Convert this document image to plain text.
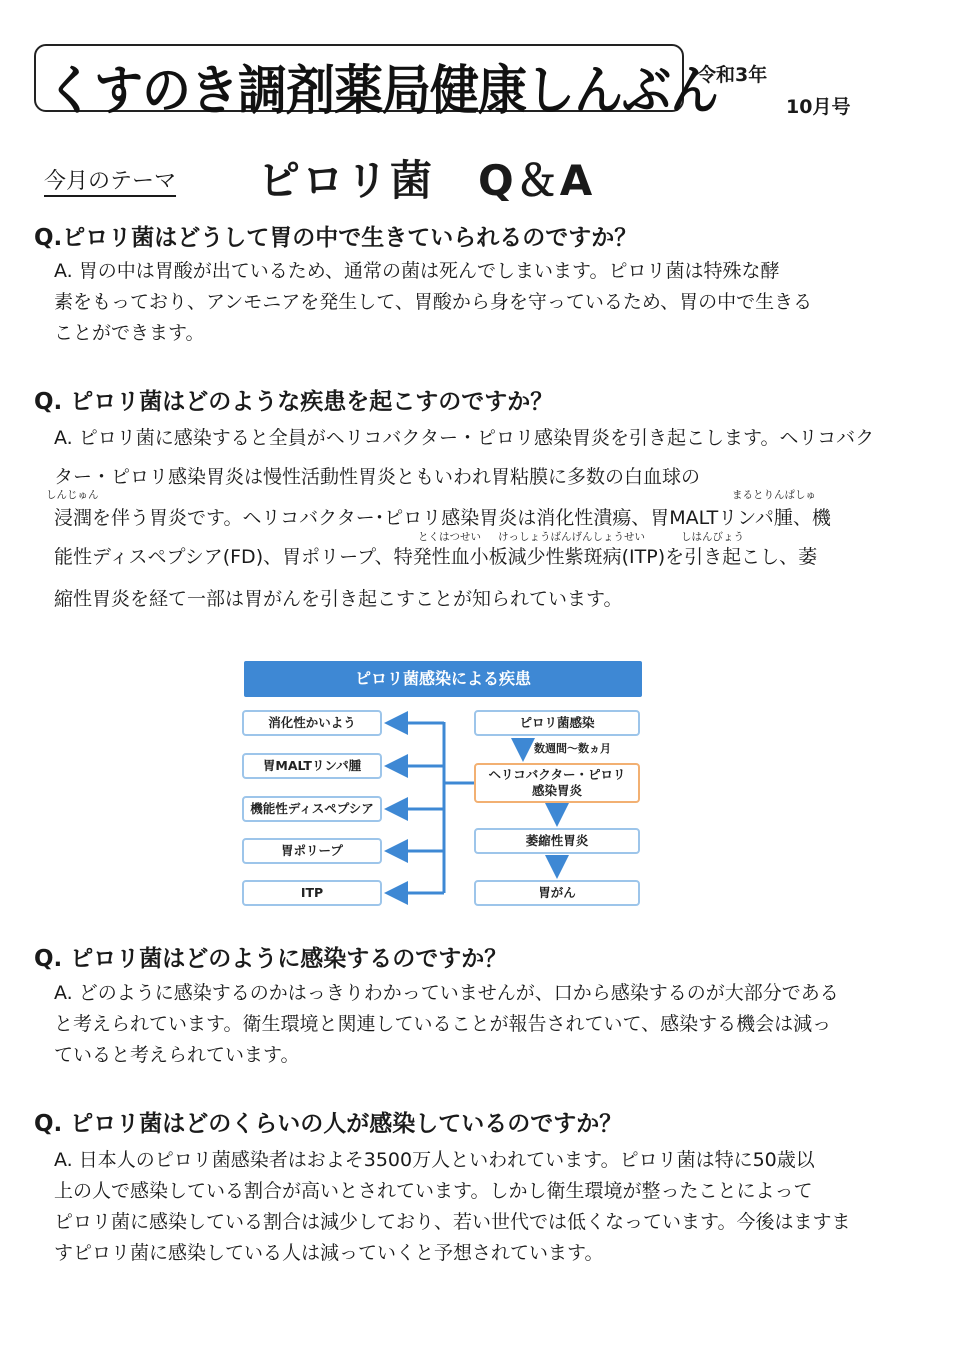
くすのき調剤薬局健康しんぶん
令和3年
10月号
今月のテーマ ピロリ菌　Q＆A
Q.ピロリ菌はどうして胃の中で生きていられるのですか？
A. 胃の中は胃酸が出ているため、通常の菌は死んでしまいます。ピロリ菌は特殊な酵
素をもっており、アンモニアを発生して、胃酸から身を守っているため、胃の中で生きる
ことができます。
Q. ピロリ菌はどのような疾患を起こすのですか？
A. ピロリ菌に感染すると全員がヘリコバクター・ピロリ感染胃炎を引き起こします。ヘリコバク
ター・ピロリ感染胃炎は慢性活動性胃炎ともいわれ胃粘膜に多数の白血球の
しんじゅん	まるとりんぱしゅ
浸潤を伴う胃炎です。ヘリコバクター･ピロリ感染胃炎は消化性潰瘍、胃MALTリンパ腫、機
能性ディスペプシア(FD)、胃ポリープ、特発性血小板減少性紫斑病(ITP)を引き起こし、萎
とくはつせい けっしょうばんげんしょうせい	しはんびょう
縮性胃炎を経て一部は胃がんを引き起こすことが知られています。
ピロリ菌感染による疾患
消化性かいよう
胃MALTリンパ腫
機能性ディスペプシア
胃ポリープ
ITP
ピロリ菌感染
数週間～数ヵ月
ヘリコバクター・ピロリ
感染胃炎
萎縮性胃炎
胃がん
Q. ピロリ菌はどのように感染するのですか？
A. どのように感染するのかはっきりわかっていませんが、口から感染するのが大部分である
と考えられています。衛生環境と関連していることが報告されていて、感染する機会は減っ
ていると考えられています。
Q. ピロリ菌はどのくらいの人が感染しているのですか？
A. 日本人のピロリ菌感染者はおよそ3500万人といわれています。ピロリ菌は特に50歳以
上の人で感染している割合が高いとされています。しかし衛生環境が整ったことによって
ピロリ菌に感染している割合は減少しており、若い世代では低くなっています。今後はますま
すピロリ菌に感染している人は減っていくと予想されています。
